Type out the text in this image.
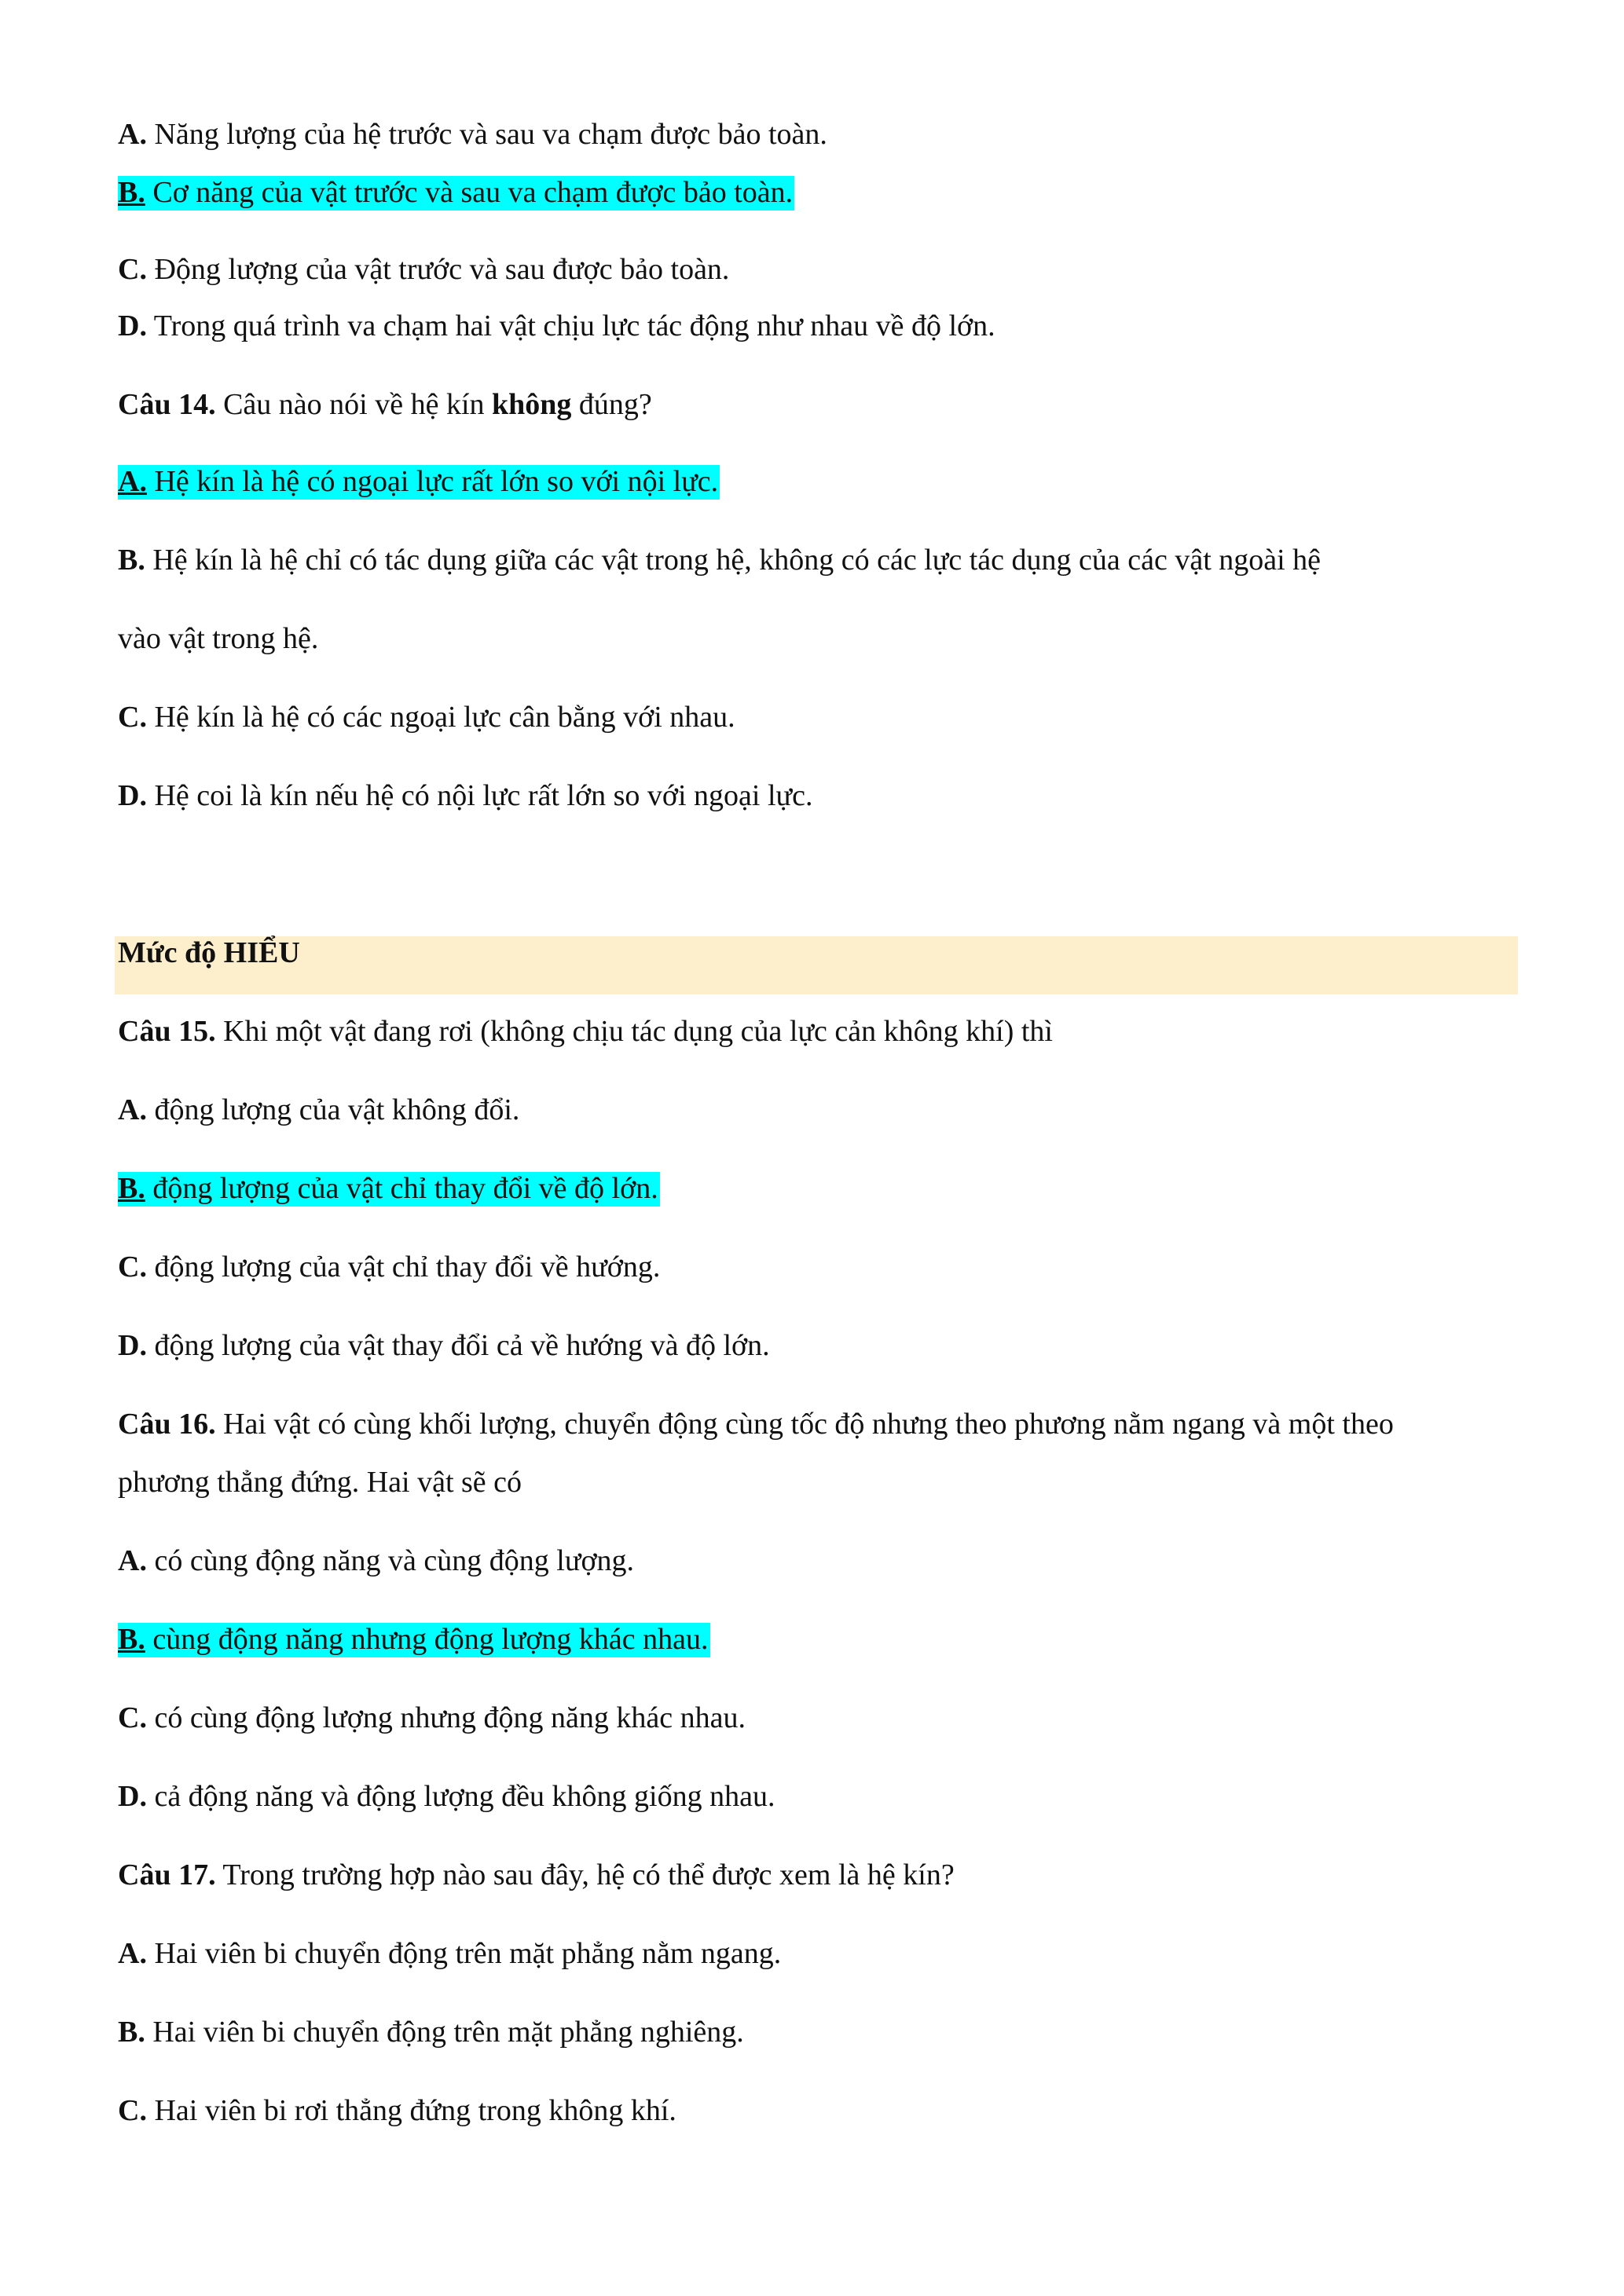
A. Năng lượng của hệ trước và sau va chạm được bảo toàn.
B. Cơ năng của vật trước và sau va chạm được bảo toàn.
C. Động lượng của vật trước và sau được bảo toàn.
D. Trong quá trình va chạm hai vật chịu lực tác động như nhau về độ lớn.
Câu 14. Câu nào nói về hệ kín không đúng?
A. Hệ kín là hệ có ngoại lực rất lớn so với nội lực.
B. Hệ kín là hệ chỉ có tác dụng giữa các vật trong hệ, không có các lực tác dụng của các vật ngoài hệ
vào vật trong hệ.
C. Hệ kín là hệ có các ngoại lực cân bằng với nhau.
D. Hệ coi là kín nếu hệ có nội lực rất lớn so với ngoại lực.
Mức độ HIỂU
Câu 15. Khi một vật đang rơi (không chịu tác dụng của lực cản không khí) thì
A. động lượng của vật không đổi.
B. động lượng của vật chỉ thay đổi về độ lớn.
C. động lượng của vật chỉ thay đổi về hướng.
D. động lượng của vật thay đổi cả về hướng và độ lớn.
Câu 16. Hai vật có cùng khối lượng, chuyển động cùng tốc độ nhưng theo phương nằm ngang và một theo
phương thẳng đứng. Hai vật sẽ có
A. có cùng động năng và cùng động lượng.
B. cùng động năng nhưng động lượng khác nhau.
C. có cùng động lượng nhưng động năng khác nhau.
D. cả động năng và động lượng đều không giống nhau.
Câu 17. Trong trường hợp nào sau đây, hệ có thể được xem là hệ kín?
A. Hai viên bi chuyển động trên mặt phẳng nằm ngang.
B. Hai viên bi chuyển động trên mặt phẳng nghiêng.
C. Hai viên bi rơi thẳng đứng trong không khí.
